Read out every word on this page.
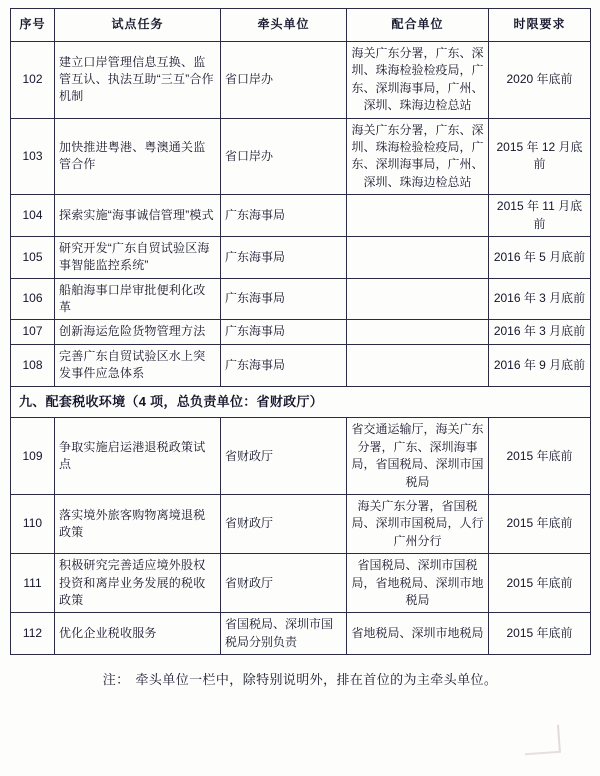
序号	试点任务	牵头单位	配合单位	时限要求
102	建立口岸管理信息互换、监管互认、执法互助“三互”合作机制	省口岸办	海关广东分署，广东、深圳、珠海检验检疫局，广东、深圳海事局，广州、深圳、珠海边检总站	2020 年底前
103	加快推进粤港、粤澳通关监管合作	省口岸办	海关广东分署，广东、深圳、珠海检验检疫局，广东、深圳海事局，广州、深圳、珠海边检总站	2015 年 12 月底前
104	探索实施“海事诚信管理”模式	广东海事局		2015 年 11 月底前
105	研究开发“广东自贸试验区海事智能监控系统”	广东海事局		2016 年 5 月底前
106	船舶海事口岸审批便利化改革	广东海事局		2016 年 3 月底前
107	创新海运危险货物管理方法	广东海事局		2016 年 3 月底前
108	完善广东自贸试验区水上突发事件应急体系	广东海事局		2016 年 9 月底前
九、配套税收环境（4 项，总负责单位：省财政厅）				
109	争取实施启运港退税政策试点	省财政厅	省交通运输厅，海关广东分署，广东、深圳海事局，省国税局、深圳市国税局	2015 年底前
110	落实境外旅客购物离境退税政策	省财政厅	海关广东分署，省国税局、深圳市国税局，人行广州分行	2015 年底前
111	积极研究完善适应境外股权投资和离岸业务发展的税收政策	省财政厅	省国税局、深圳市国税局，省地税局、深圳市地税局	2015 年底前
112	优化企业税收服务	省国税局、深圳市国税局分别负责	省地税局、深圳市地税局	2015 年底前
注： 牵头单位一栏中，除特别说明外，排在首位的为主牵头单位。
